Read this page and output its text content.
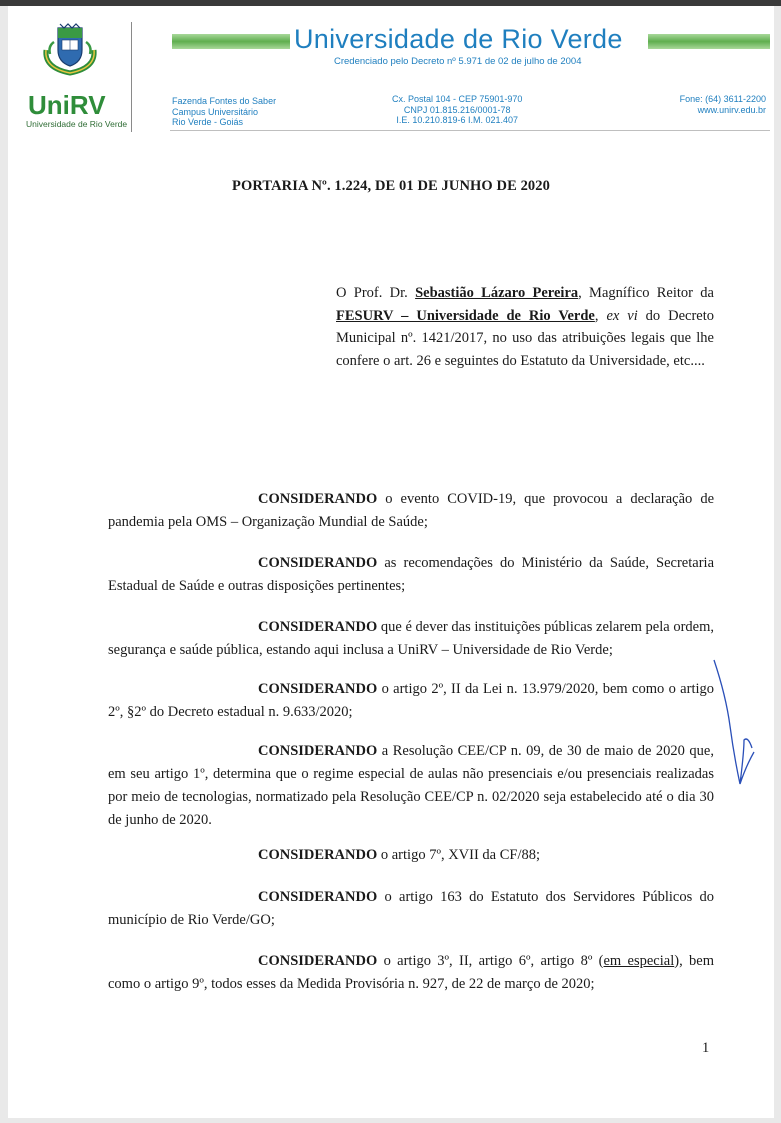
UniRV
Universidade de Rio Verde
Universidade de Rio Verde
Credenciado pelo Decreto nº 5.971 de 02 de julho de 2004
Fazenda Fontes do Saber
Campus Universitário
Rio Verde - Goiás
Cx. Postal 104 - CEP 75901-970
CNPJ 01.815.216/0001-78
I.E. 10.210.819-6 I.M. 021.407
Fone: (64) 3611-2200
www.unirv.edu.br
PORTARIA Nº. 1.224, DE 01 DE JUNHO DE 2020
O Prof. Dr. Sebastião Lázaro Pereira, Magnífico Reitor da FESURV – Universidade de Rio Verde, ex vi do Decreto Municipal nº. 1421/2017, no uso das atribuições legais que lhe confere o art. 26 e seguintes do Estatuto da Universidade, etc....
CONSIDERANDO o evento COVID-19, que provocou a declaração de pandemia pela OMS – Organização Mundial de Saúde;
CONSIDERANDO as recomendações do Ministério da Saúde, Secretaria Estadual de Saúde e outras disposições pertinentes;
CONSIDERANDO que é dever das instituições públicas zelarem pela ordem, segurança e saúde pública, estando aqui inclusa a UniRV – Universidade de Rio Verde;
CONSIDERANDO o artigo 2º, II da Lei n. 13.979/2020, bem como o artigo 2º, §2º do Decreto estadual n. 9.633/2020;
CONSIDERANDO a Resolução CEE/CP n. 09, de 30 de maio de 2020 que, em seu artigo 1º, determina que o regime especial de aulas não presenciais e/ou presenciais realizadas por meio de tecnologias, normatizado pela Resolução CEE/CP n. 02/2020 seja estabelecido até o dia 30 de junho de 2020.
CONSIDERANDO o artigo 7º, XVII da CF/88;
CONSIDERANDO o artigo 163 do Estatuto dos Servidores Públicos do município de Rio Verde/GO;
CONSIDERANDO o artigo 3º, II, artigo 6º, artigo 8º (em especial), bem como o artigo 9º, todos esses da Medida Provisória n. 927, de 22 de março de 2020;
1
